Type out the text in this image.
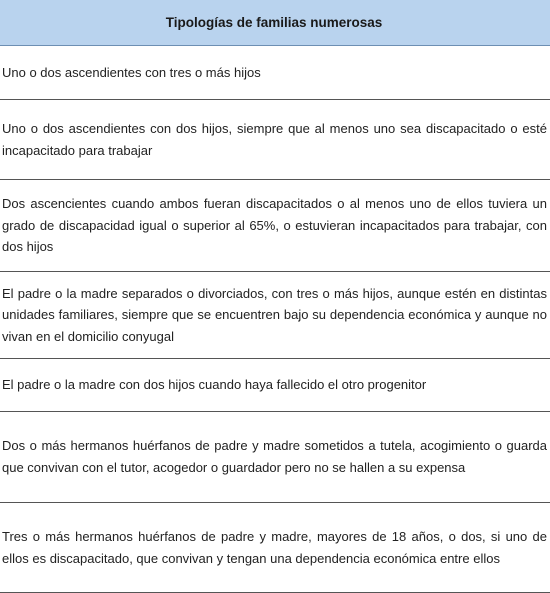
Tipologías de familias numerosas
Uno o dos ascendientes con tres o más hijos
Uno o dos ascendientes con dos hijos, siempre que al menos uno sea discapacitado o esté incapacitado para trabajar
Dos ascencientes cuando ambos fueran discapacitados o al menos uno de ellos tuviera un grado de discapacidad igual o superior al 65%, o estuvieran incapacitados para trabajar, con dos hijos
El padre o la madre separados o divorciados, con tres o más hijos, aunque estén en distintas unidades familiares, siempre que se encuentren bajo su dependencia económica y aunque no vivan en el domicilio conyugal
El padre o la madre con dos hijos cuando haya fallecido el otro progenitor
Dos o más hermanos huérfanos de padre y madre sometidos a tutela, acogimiento o guarda que convivan con el tutor, acogedor o guardador pero no se hallen a su expensa
Tres o más hermanos huérfanos de padre y madre, mayores de 18 años, o dos, si uno de ellos es discapacitado, que convivan y tengan una dependencia económica entre ellos
